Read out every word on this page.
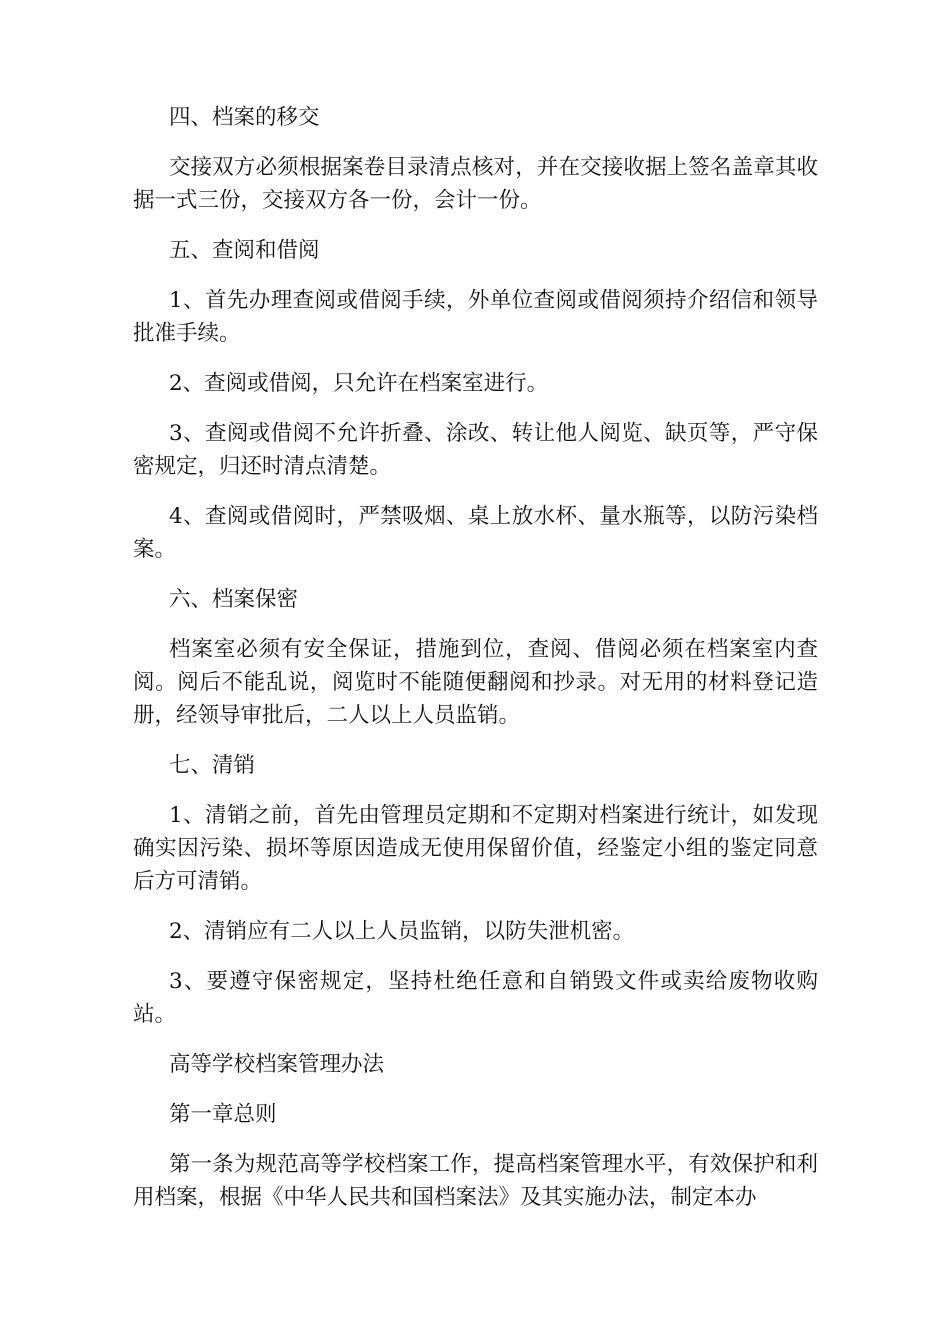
四、档案的移交

交接双方必须根据案卷目录清点核对，并在交接收据上签名盖章其收据一式三份，交接双方各一份，会计一份。

五、查阅和借阅

1、首先办理查阅或借阅手续，外单位查阅或借阅须持介绍信和领导批准手续。

2、查阅或借阅，只允许在档案室进行。

3、查阅或借阅不允许折叠、涂改、转让他人阅览、缺页等，严守保密规定，归还时清点清楚。

4、查阅或借阅时，严禁吸烟、桌上放水杯、量水瓶等，以防污染档案。

六、档案保密

档案室必须有安全保证，措施到位，查阅、借阅必须在档案室内查阅。阅后不能乱说，阅览时不能随便翻阅和抄录。对无用的材料登记造册，经领导审批后，二人以上人员监销。

七、清销

1、清销之前，首先由管理员定期和不定期对档案进行统计，如发现确实因污染、损坏等原因造成无使用保留价值，经鉴定小组的鉴定同意后方可清销。

2、清销应有二人以上人员监销，以防失泄机密。

3、要遵守保密规定，坚持杜绝任意和自销毁文件或卖给废物收购站。

高等学校档案管理办法

第一章总则

第一条为规范高等学校档案工作，提高档案管理水平，有效保护和利用档案，根据《中华人民共和国档案法》及其实施办法，制定本办
